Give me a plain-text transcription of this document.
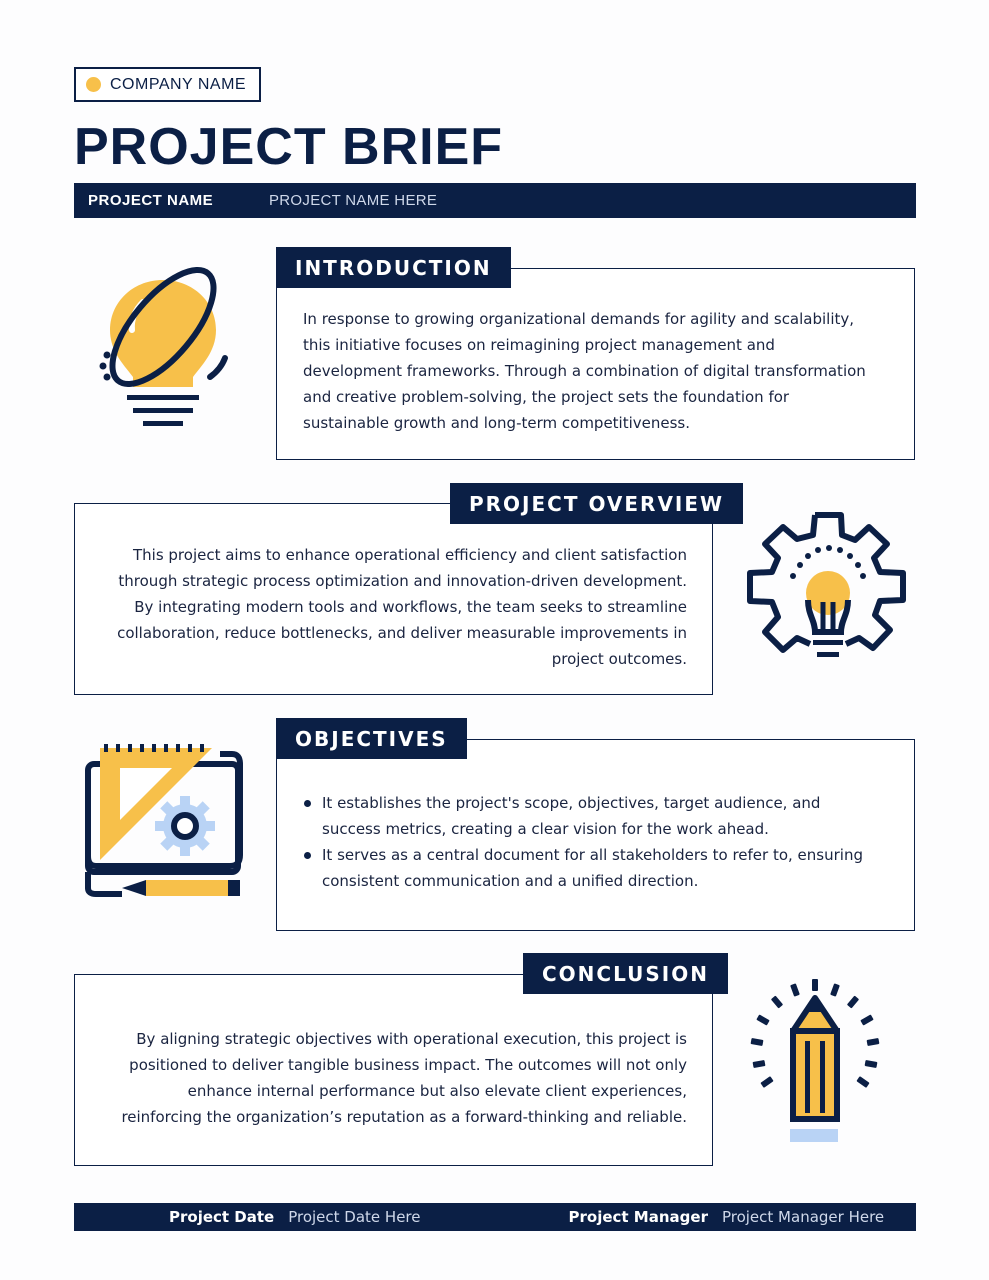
COMPANY NAME
PROJECT BRIEF
PROJECT NAME	PROJECT NAME HERE
INTRODUCTION
In response to growing organizational demands for agility and scalability,
this initiative focuses on reimagining project management and
development frameworks. Through a combination of digital transformation
and creative problem-solving, the project sets the foundation for
sustainable growth and long-term competitiveness.
PROJECT OVERVIEW
This project aims to enhance operational efficiency and client satisfaction
through strategic process optimization and innovation-driven development.
By integrating modern tools and workflows, the team seeks to streamline
collaboration, reduce bottlenecks, and deliver measurable improvements in
project outcomes.
OBJECTIVES
It establishes the project's scope, objectives, target audience, and
success metrics, creating a clear vision for the work ahead.
It serves as a central document for all stakeholders to refer to, ensuring
consistent communication and a unified direction.
CONCLUSION
By aligning strategic objectives with operational execution, this project is
positioned to deliver tangible business impact. The outcomes will not only
enhance internal performance but also elevate client experiences,
reinforcing the organization’s reputation as a forward-thinking and reliable.
Project Date Project Date Here	Project Manager Project Manager Here
